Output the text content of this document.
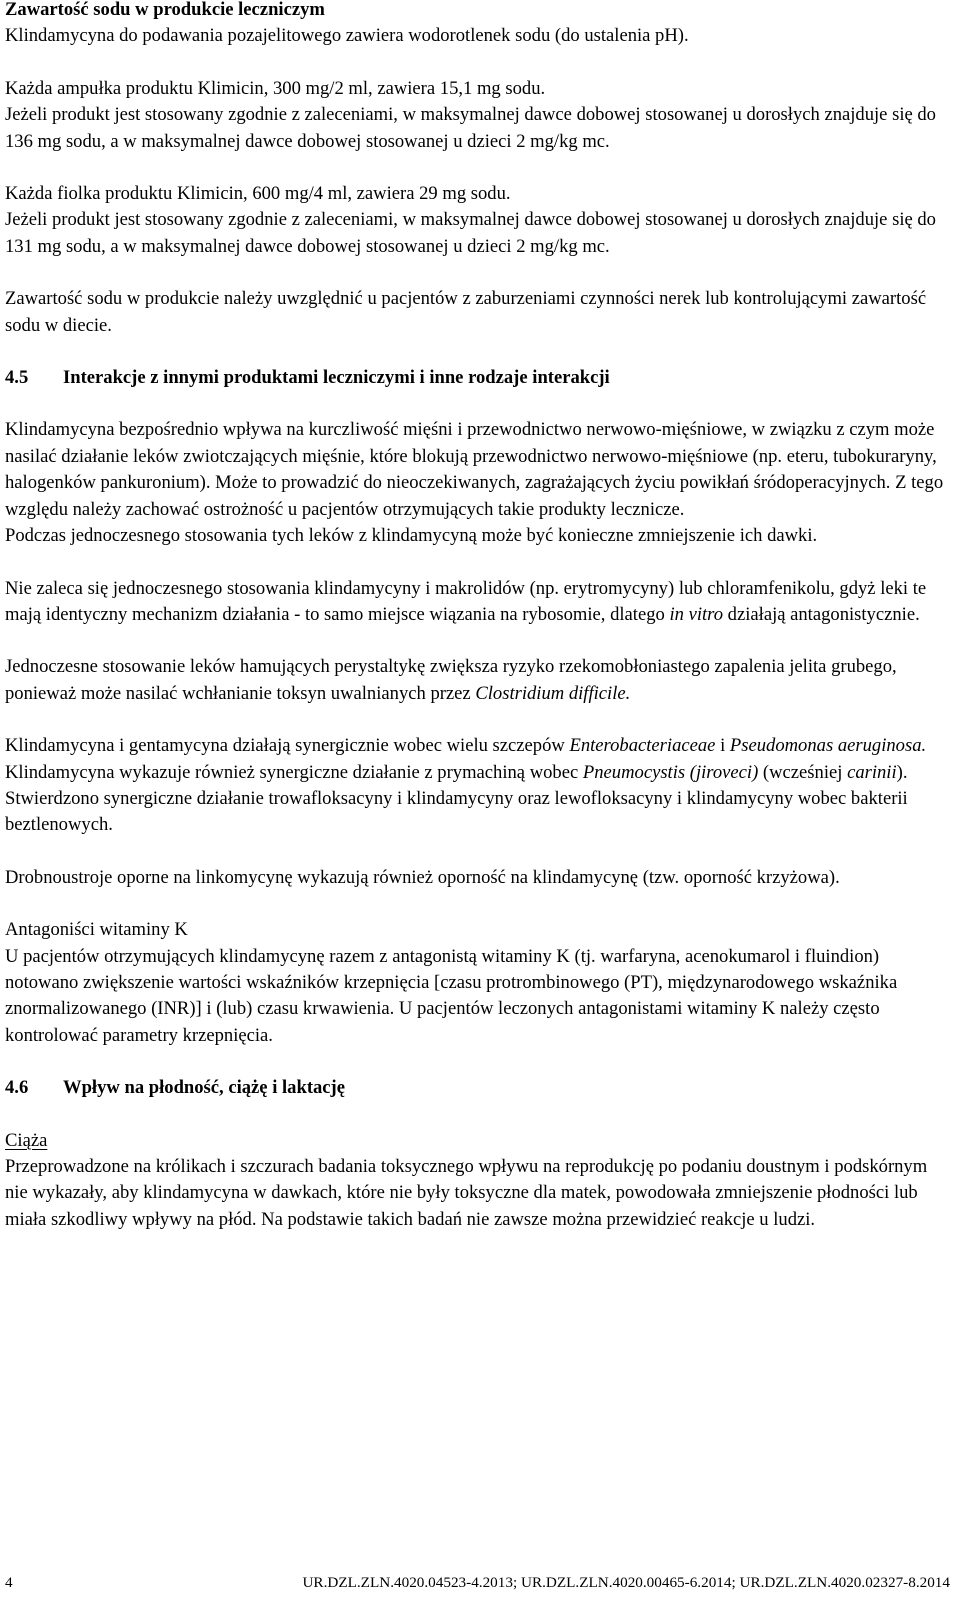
Zawartość sodu w produkcie leczniczym

Klindamycyna do podawania pozajelitowego zawiera wodorotlenek sodu (do ustalenia pH).

Każda ampułka produktu Klimicin, 300 mg/2 ml, zawiera 15,1 mg sodu.

Jeżeli produkt jest stosowany zgodnie z zaleceniami, w maksymalnej dawce dobowej stosowanej u dorosłych znajduje się do 136 mg sodu, a w maksymalnej dawce dobowej stosowanej u dzieci 2 mg/kg mc.

Każda fiolka produktu Klimicin, 600 mg/4 ml, zawiera 29 mg sodu.

Jeżeli produkt jest stosowany zgodnie z zaleceniami, w maksymalnej dawce dobowej stosowanej u dorosłych znajduje się do 131 mg sodu, a w maksymalnej dawce dobowej stosowanej u dzieci 2 mg/kg mc.

Zawartość sodu w produkcie należy uwzględnić u pacjentów z zaburzeniami czynności nerek lub kontrolującymi zawartość sodu w diecie.

4.5 Interakcje z innymi produktami leczniczymi i inne rodzaje interakcji

Klindamycyna bezpośrednio wpływa na kurczliwość mięśni i przewodnictwo nerwowo-mięśniowe, w związku z czym może nasilać działanie leków zwiotczających mięśnie, które blokują przewodnictwo nerwowo-mięśniowe (np. eteru, tubokuraryny, halogenków pankuronium). Może to prowadzić do nieoczekiwanych, zagrażających życiu powikłań śródoperacyjnych. Z tego względu należy zachować ostrożność u pacjentów otrzymujących takie produkty lecznicze.

Podczas jednoczesnego stosowania tych leków z klindamycyną może być konieczne zmniejszenie ich dawki.

Nie zaleca się jednoczesnego stosowania klindamycyny i makrolidów (np. erytromycyny) lub chloramfenikolu, gdyż leki te mają identyczny mechanizm działania - to samo miejsce wiązania na rybosomie, dlatego in vitro działają antagonistycznie.

Jednoczesne stosowanie leków hamujących perystaltykę zwiększa ryzyko rzekomobłoniastego zapalenia jelita grubego, ponieważ może nasilać wchłanianie toksyn uwalnianych przez Clostridium difficile.

Klindamycyna i gentamycyna działają synergicznie wobec wielu szczepów Enterobacteriaceae i Pseudomonas aeruginosa. Klindamycyna wykazuje również synergiczne działanie z prymachiną wobec Pneumocystis (jiroveci) (wcześniej carinii).

Stwierdzono synergiczne działanie trowafloksacyny i klindamycyny oraz lewofloksacyny i klindamycyny wobec bakterii beztlenowych.

Drobnoustroje oporne na linkomycynę wykazują również oporność na klindamycynę (tzw. oporność krzyżowa).

Antagoniści witaminy K

U pacjentów otrzymujących klindamycynę razem z antagonistą witaminy K (tj. warfaryna, acenokumarol i fluindion) notowano zwiększenie wartości wskaźników krzepnięcia [czasu protrombinowego (PT), międzynarodowego wskaźnika znormalizowanego (INR)] i (lub) czasu krwawienia. U pacjentów leczonych antagonistami witaminy K należy często kontrolować parametry krzepnięcia.

4.6 Wpływ na płodność, ciążę i laktację

Ciąża

Przeprowadzone na królikach i szczurach badania toksycznego wpływu na reprodukcję po podaniu doustnym i podskórnym nie wykazały, aby klindamycyna w dawkach, które nie były toksyczne dla matek, powodowała zmniejszenie płodności lub miała szkodliwy wpływy na płód. Na podstawie takich badań nie zawsze można przewidzieć reakcje u ludzi.

4	UR.DZL.ZLN.4020.04523-4.2013; UR.DZL.ZLN.4020.00465-6.2014; UR.DZL.ZLN.4020.02327-8.2014
